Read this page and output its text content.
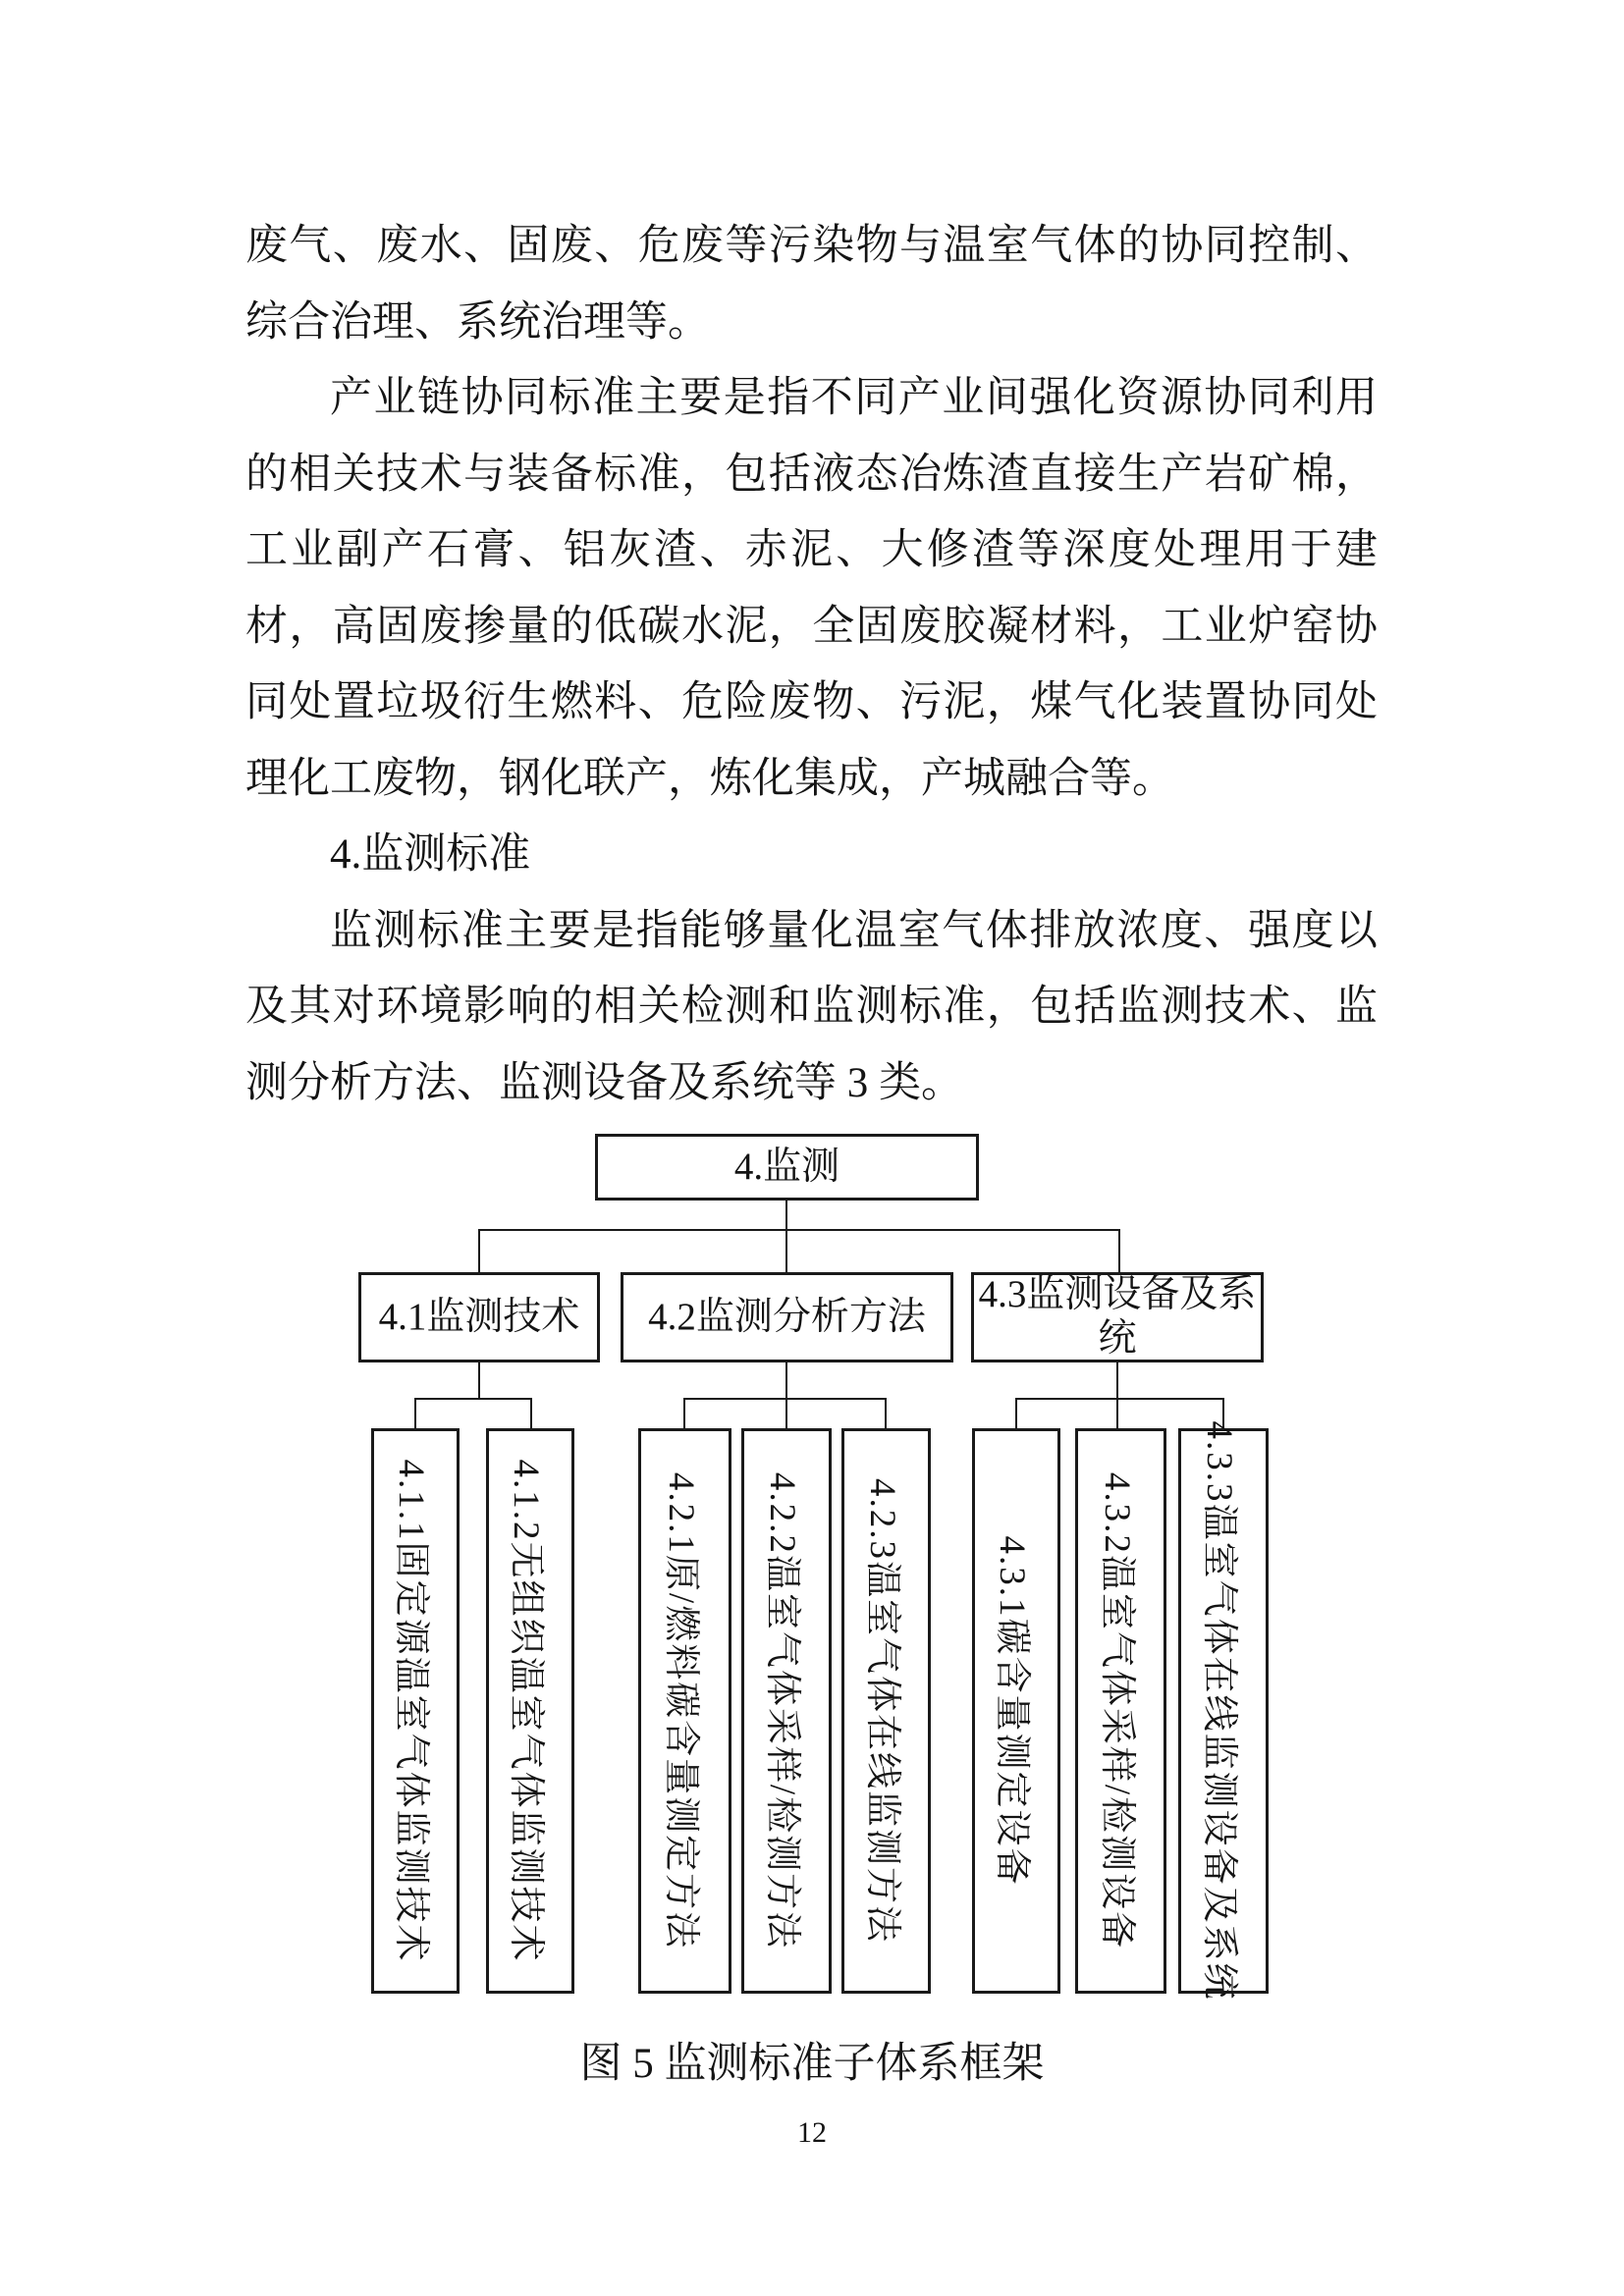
废气、废水、固废、危废等污染物与温室气体的协同控制、综合治理、系统治理等。

产业链协同标准主要是指不同产业间强化资源协同利用的相关技术与装备标准，包括液态冶炼渣直接生产岩矿棉，工业副产石膏、铝灰渣、赤泥、大修渣等深度处理用于建材，高固废掺量的低碳水泥，全固废胶凝材料，工业炉窑协同处置垃圾衍生燃料、危险废物、污泥，煤气化装置协同处理化工废物，钢化联产，炼化集成，产城融合等。

4.监测标准

监测标准主要是指能够量化温室气体排放浓度、强度以及其对环境影响的相关检测和监测标准，包括监测技术、监测分析方法、监测设备及系统等 3 类。

4.监测
4.1监测技术 4.2监测分析方法
4.3监测设备及系统
4.1.1固定源温室气体监测技术 4.1.2无组织温室气体监测技术	4.2.1原/燃料碳含量测定方法 4.2.2温室气体采样/检测方法 4.2.3温室气体在线监测方法 4.3.1碳含量测定设备 4.3.2温室气体采样/检测设备 4.3.3温室气体在线监测设备及系统
图 5 监测标准子体系框架
12
